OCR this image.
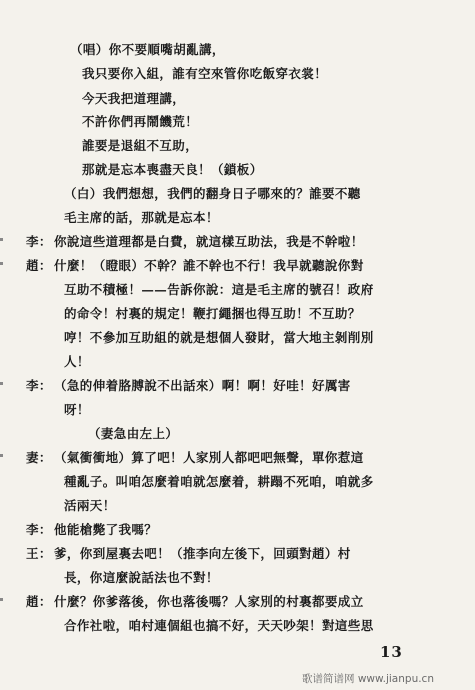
（唱）你不要順嘴胡亂講，
我只要你入組，誰有空來管你吃飯穿衣裳！
今天我把道理講，
不許你們再鬧饑荒！
誰要是退組不互助，
那就是忘本喪盡天良！（鎖板）
（白）我們想想，我們的翻身日子哪來的？誰要不聽
毛主席的話，那就是忘本！
李： 你說這些道理都是白費，就這樣互助法，我是不幹啦！
趙： 什麼！（瞪眼）不幹？誰不幹也不行！我早就聽說你對
互助不積極！——告訴你說：這是毛主席的號召！政府
的命令！村裏的規定！鞭打繩捆也得互助！不互助？
哼！不參加互助組的就是想個人發財，當大地主剝削別
人！
李： （急的伸着胳膊說不出話來）啊！啊！好哇！好厲害
呀！
（妻急由左上）
妻： （氣衝衝地）算了吧！人家別人都吧吧無聲，單你惹這
種亂子。叫咱怎麼着咱就怎麼着，耕蹋不死咱，咱就多
活兩天！
李： 他能槍斃了我嗎？
王： 爹，你到屋裏去吧！（推李向左後下，回頭對趙）村
長，你這麼說話法也不對！
趙： 什麼？你爹落後，你也落後嗎？人家別的村裏都要成立
合作社啦，咱村連個組也搞不好，天天吵架！對這些思
13
歌谱简谱网 www.jianpu.cn
